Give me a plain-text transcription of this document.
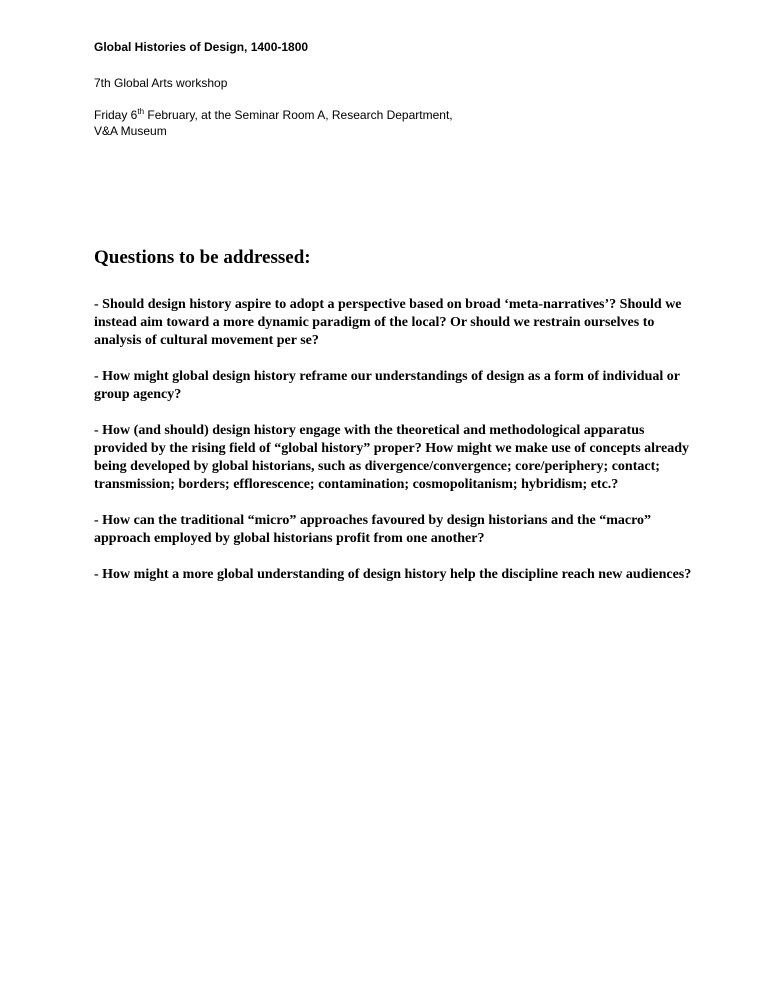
Global Histories of Design, 1400-1800

7th Global Arts workshop

Friday 6th February, at the Seminar Room A, Research Department,

V&A Museum

Questions to be addressed:

- Should design history aspire to adopt a perspective based on broad ‘meta-narratives’? Should we instead aim toward a more dynamic paradigm of the local? Or should we restrain ourselves to analysis of cultural movement per se?

- How might global design history reframe our understandings of design as a form of individual or group agency?

- How (and should) design history engage with the theoretical and methodological apparatus provided by the rising field of “global history” proper? How might we make use of concepts already being developed by global historians, such as divergence/convergence; core/periphery; contact; transmission; borders; efflorescence; contamination; cosmopolitanism; hybridism; etc.?

- How can the traditional “micro” approaches favoured by design historians and the “macro” approach employed by global historians profit from one another?

- How might a more global understanding of design history help the discipline reach new audiences?
